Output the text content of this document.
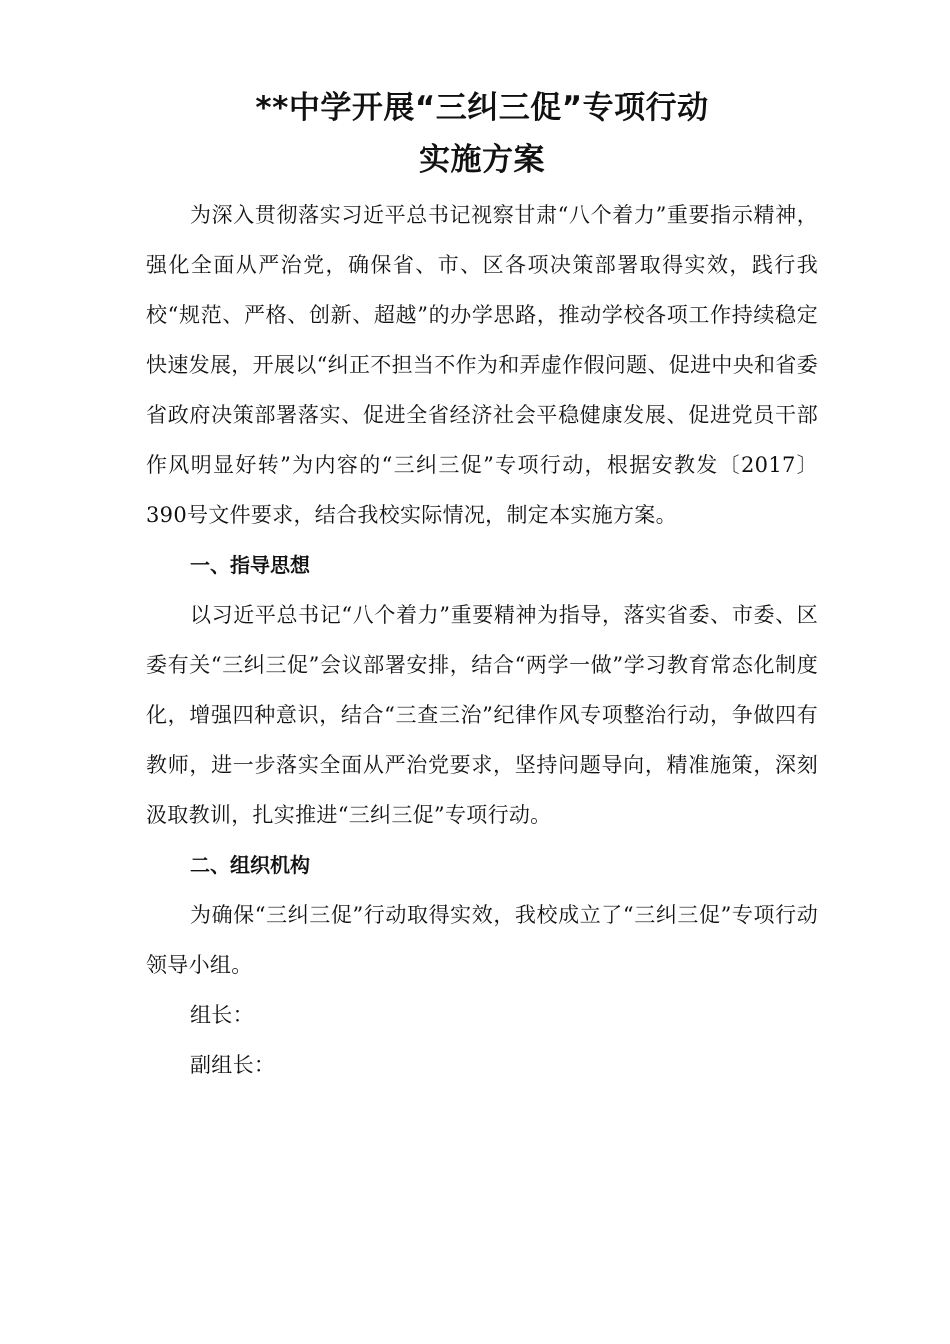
**中学开展“三纠三促”专项行动
实施方案

为深入贯彻落实习近平总书记视察甘肃“八个着力”重要指示精神，强化全面从严治党，确保省、市、区各项决策部署取得实效，践行我校“规范、严格、创新、超越”的办学思路，推动学校各项工作持续稳定快速发展，开展以“纠正不担当不作为和弄虚作假问题、促进中央和省委省政府决策部署落实、促进全省经济社会平稳健康发展、促进党员干部作风明显好转”为内容的“三纠三促”专项行动，根据安教发〔2017〕390号文件要求，结合我校实际情况，制定本实施方案。

一、指导思想

以习近平总书记“八个着力”重要精神为指导，落实省委、市委、区委有关“三纠三促”会议部署安排，结合“两学一做”学习教育常态化制度化，增强四种意识，结合“三查三治”纪律作风专项整治行动，争做四有教师，进一步落实全面从严治党要求，坚持问题导向，精准施策，深刻汲取教训，扎实推进“三纠三促”专项行动。

二、组织机构

为确保“三纠三促”行动取得实效，我校成立了“三纠三促”专项行动领导小组。

组长：

副组长：
